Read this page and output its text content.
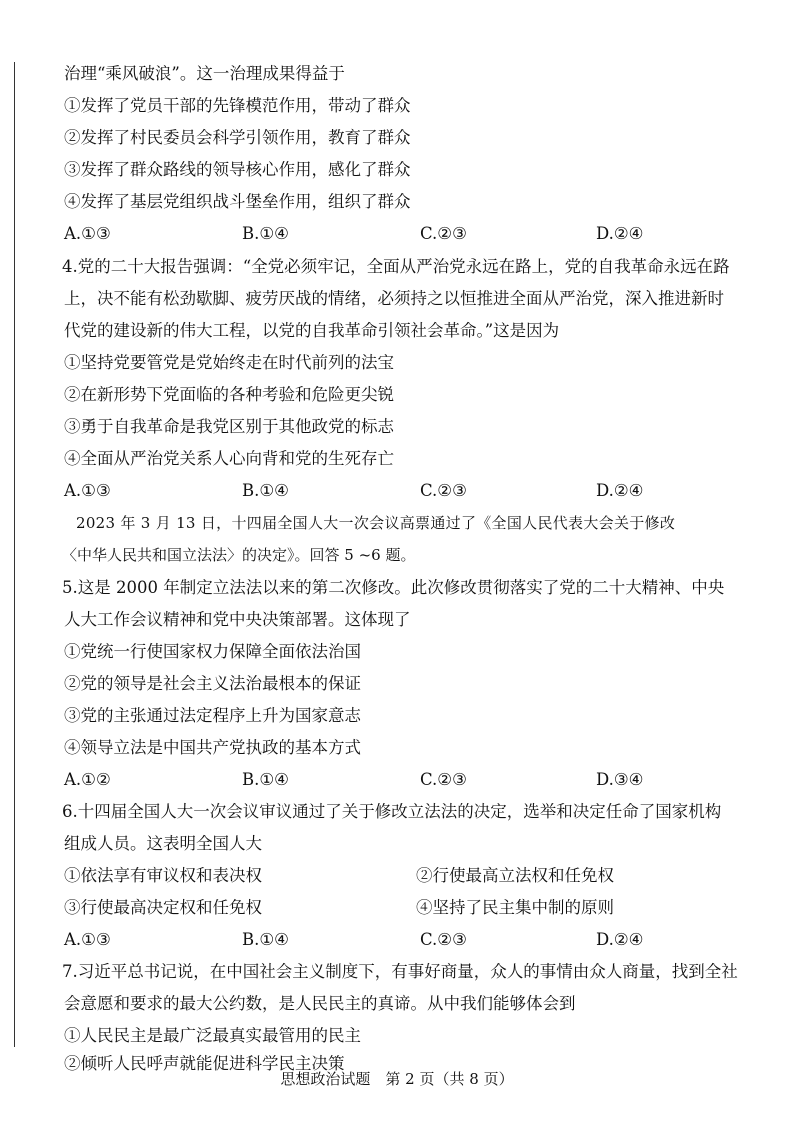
治理“乘风破浪”。这一治理成果得益于
①发挥了党员干部的先锋模范作用，带动了群众
②发挥了村民委员会科学引领作用，教育了群众
③发挥了群众路线的领导核心作用，感化了群众
④发挥了基层党组织战斗堡垒作用，组织了群众
A.①③	B.①④	C.②③	D.②④
4.党的二十大报告强调：“全党必须牢记，全面从严治党永远在路上，党的自我革命永远在路
上，决不能有松劲歇脚、疲劳厌战的情绪，必须持之以恒推进全面从严治党，深入推进新时
代党的建设新的伟大工程，以党的自我革命引领社会革命。”这是因为
①坚持党要管党是党始终走在时代前列的法宝
②在新形势下党面临的各种考验和危险更尖锐
③勇于自我革命是我党区别于其他政党的标志
④全面从严治党关系人心向背和党的生死存亡
A.①③	B.①④	C.②③	D.②④
2023 年 3 月 13 日，十四届全国人大一次会议高票通过了《全国人民代表大会关于修改
〈中华人民共和国立法法〉的决定》。回答 5 ~6 题。
5.这是 2000 年制定立法法以来的第二次修改。此次修改贯彻落实了党的二十大精神、中央
人大工作会议精神和党中央决策部署。这体现了
①党统一行使国家权力保障全面依法治国
②党的领导是社会主义法治最根本的保证
③党的主张通过法定程序上升为国家意志
④领导立法是中国共产党执政的基本方式
A.①②	B.①④	C.②③	D.③④
6.十四届全国人大一次会议审议通过了关于修改立法法的决定，选举和决定任命了国家机构
组成人员。这表明全国人大
①依法享有审议权和表决权	②行使最高立法权和任免权
③行使最高决定权和任免权	④坚持了民主集中制的原则
A.①③	B.①④	C.②③	D.②④
7.习近平总书记说，在中国社会主义制度下，有事好商量，众人的事情由众人商量，找到全社
会意愿和要求的最大公约数，是人民民主的真谛。从中我们能够体会到
①人民民主是最广泛最真实最管用的民主
②倾听人民呼声就能促进科学民主决策
思想政治试题　第 2 页（共 8 页）
